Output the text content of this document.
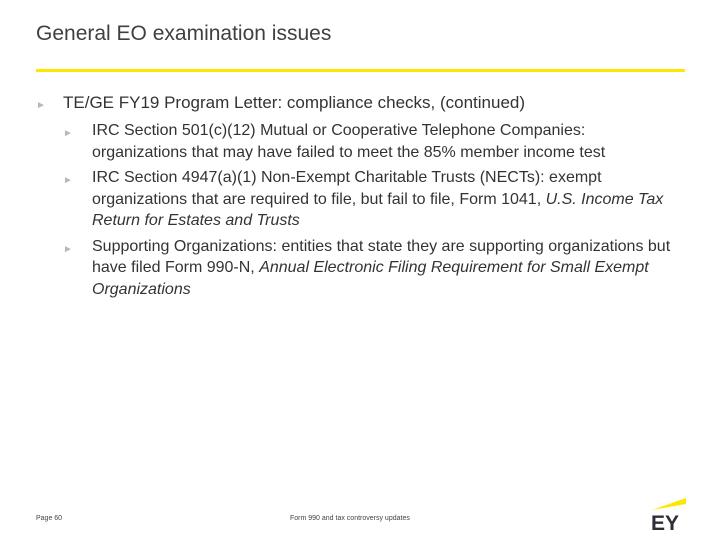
General EO examination issues
► TE/GE FY19 Program Letter: compliance checks, (continued)
► IRC Section 501(c)(12) Mutual or Cooperative Telephone Companies: organizations that may have failed to meet the 85% member income test
► IRC Section 4947(a)(1) Non-Exempt Charitable Trusts (NECTs): exempt organizations that are required to file, but fail to file, Form 1041, U.S. Income Tax Return for Estates and Trusts
► Supporting Organizations: entities that state they are supporting organizations but have filed Form 990-N, Annual Electronic Filing Requirement for Small Exempt Organizations
Page 60	Form 990 and tax controversy updates	EY
